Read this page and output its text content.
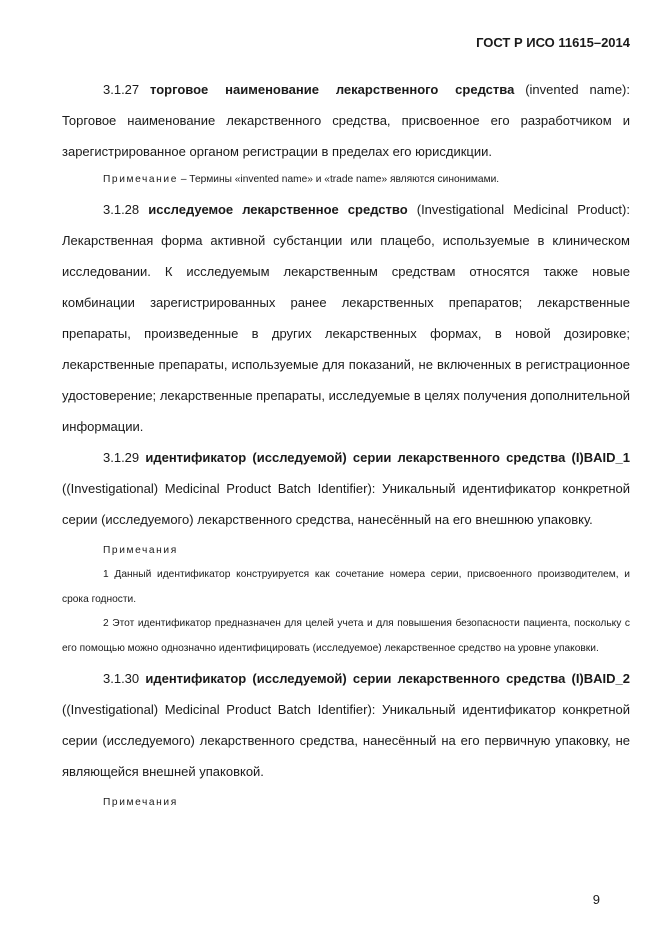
ГОСТ Р ИСО 11615–2014

3.1.27 торговое наименование лекарственного средства (invented name): Торговое наименование лекарственного средства, присвоенное его разработчиком и зарегистрированное органом регистрации в пределах его юрисдикции.

Примечание – Термины «invented name» и «trade name» являются синонимами.

3.1.28 исследуемое лекарственное средство (Investigational Medicinal Product): Лекарственная форма активной субстанции или плацебо, используемые в клиническом исследовании. К исследуемым лекарственным средствам относятся также новые комбинации зарегистрированных ранее лекарственных препаратов; лекарственные препараты, произведенные в других лекарственных формах, в новой дозировке; лекарственные препараты, используемые для показаний, не включенных в регистрационное удостоверение; лекарственные препараты, исследуемые в целях получения дополнительной информации.

3.1.29 идентификатор (исследуемой) серии лекарственного средства (I)BAID_1 ((Investigational) Medicinal Product Batch Identifier): Уникальный идентификатор конкретной серии (исследуемого) лекарственного средства, нанесённый на его внешнюю упаковку.

Примечания

1 Данный идентификатор конструируется как сочетание номера серии, присвоенного производителем, и срока годности.

2 Этот идентификатор предназначен для целей учета и для повышения безопасности пациента, поскольку с его помощью можно однозначно идентифицировать (исследуемое) лекарственное средство на уровне упаковки.

3.1.30 идентификатор (исследуемой) серии лекарственного средства (I)BAID_2 ((Investigational) Medicinal Product Batch Identifier): Уникальный идентификатор конкретной серии (исследуемого) лекарственного средства, нанесённый на его первичную упаковку, не являющейся внешней упаковкой.

Примечания

9
